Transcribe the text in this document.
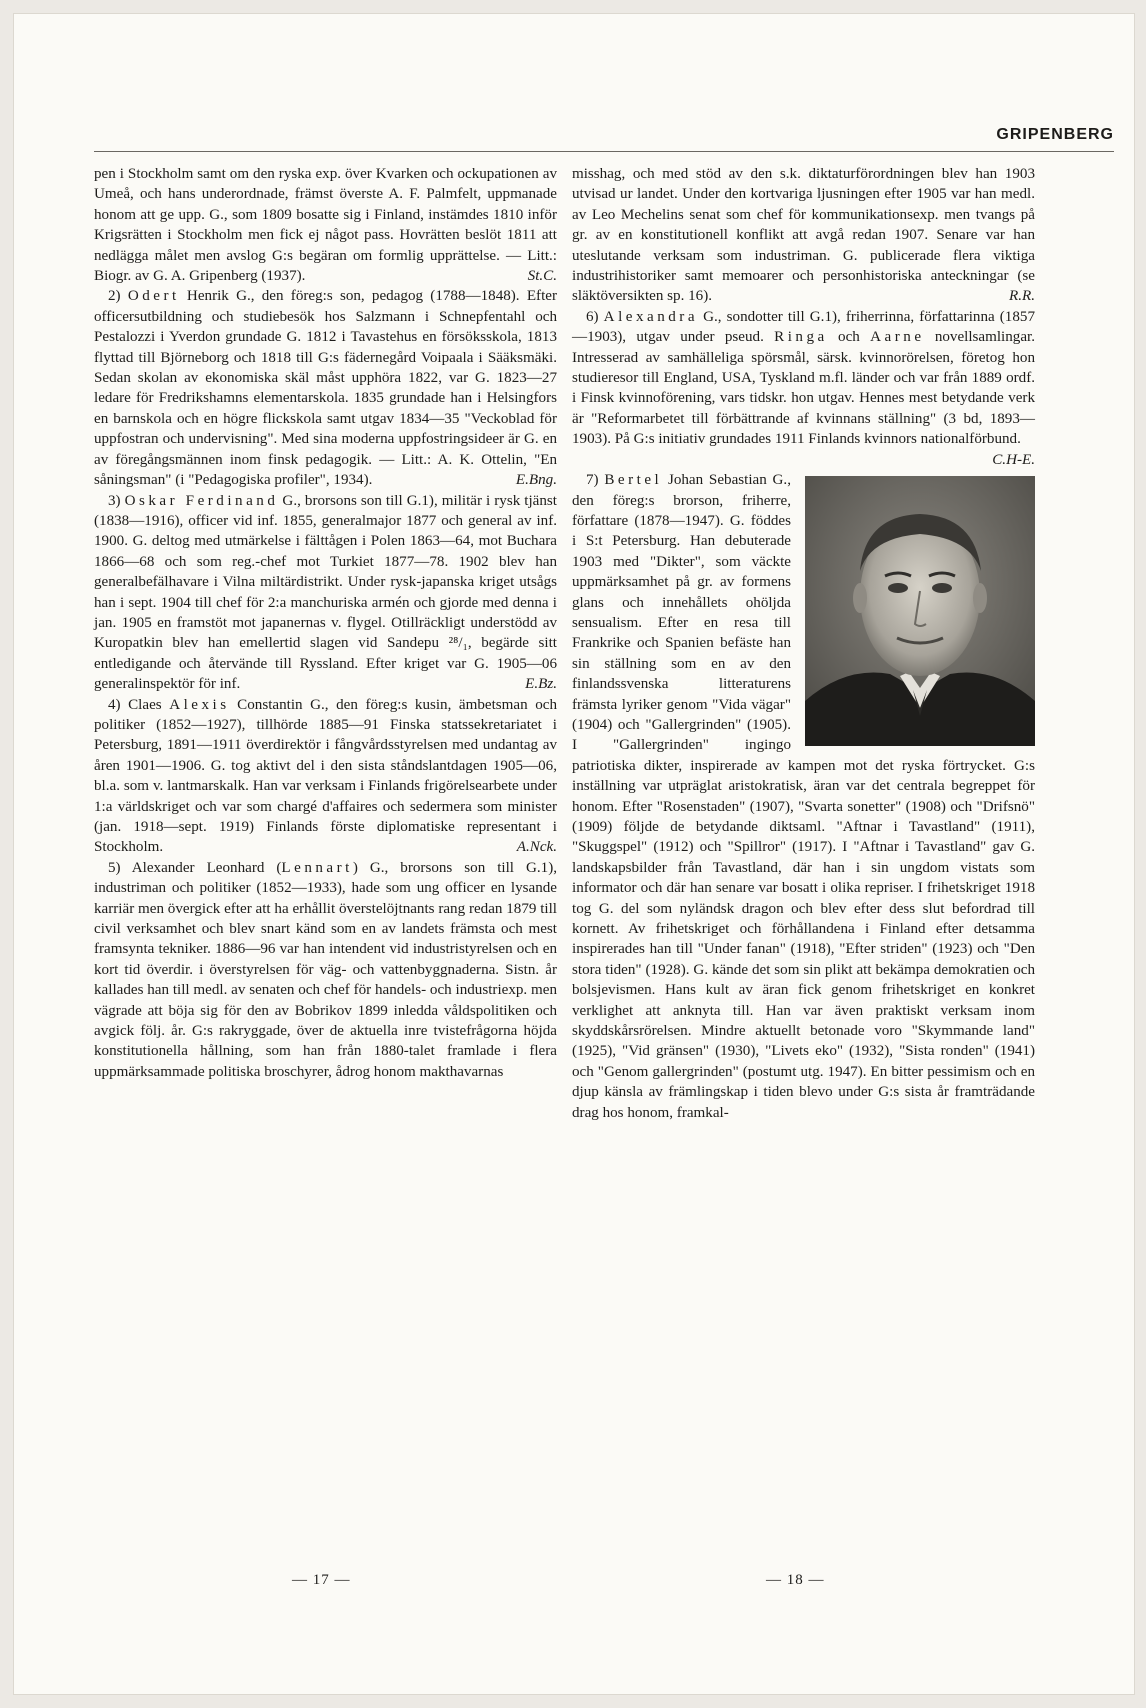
GRIPENBERG

pen i Stockholm samt om den ryska exp. över Kvarken och ockupationen av Umeå, och hans underordnade, främst överste A. F. Palmfelt, uppmanade honom att ge upp. G., som 1809 bosatte sig i Finland, instämdes 1810 inför Krigsrätten i Stockholm men fick ej något pass. Hovrätten beslöt 1811 att nedlägga målet men avslog G:s begäran om formlig upprättelse. — Litt.: Biogr. av G. A. Gripenberg (1937).	St.C.

2) Odert Henrik G., den föreg:s son, pedagog (1788—1848). Efter officersutbildning och studiebesök hos Salzmann i Schnepfentahl och Pestalozzi i Yverdon grundade G. 1812 i Tavastehus en försöksskola, 1813 flyttad till Björneborg och 1818 till G:s fädernegård Voipaala i Sääksmäki. Sedan skolan av ekonomiska skäl måst upphöra 1822, var G. 1823—27 ledare för Fredrikshamns elementarskola. 1835 grundade han i Helsingfors en barnskola och en högre flickskola samt utgav 1834—35 "Veckoblad för uppfostran och undervisning". Med sina moderna uppfostringsideer är G. en av föregångsmännen inom finsk pedagogik. — Litt.: A. K. Ottelin, "En såningsman" (i "Pedagogiska profiler", 1934).	E.Bng.

3) Oskar Ferdinand G., brorsons son till G.1), militär i rysk tjänst (1838—1916), officer vid inf. 1855, generalmajor 1877 och general av inf. 1900. G. deltog med utmärkelse i fälttågen i Polen 1863—64, mot Buchara 1866—68 och som reg.-chef mot Turkiet 1877—78. 1902 blev han generalbefälhavare i Vilna miltärdistrikt. Under rysk-japanska kriget utsågs han i sept. 1904 till chef för 2:a manchuriska armén och gjorde med denna i jan. 1905 en framstöt mot japanernas v. flygel. Otillräckligt understödd av Kuropatkin blev han emellertid slagen vid Sandepu ²⁸/₁, begärde sitt entledigande och återvände till Ryssland. Efter kriget var G. 1905—06 generalinspektör för inf.	E.Bz.

4) Claes Alexis Constantin G., den föreg:s kusin, ämbetsman och politiker (1852—1927), tillhörde 1885—91 Finska statssekretariatet i Petersburg, 1891—1911 överdirektör i fångvårdsstyrelsen med undantag av åren 1901—1906. G. tog aktivt del i den sista ståndslantdagen 1905—06, bl.a. som v. lantmarskalk. Han var verksam i Finlands frigörelsearbete under 1:a världskriget och var som chargé d'affaires och sedermera som minister (jan. 1918—sept. 1919) Finlands förste diplomatiske representant i Stockholm.	A.Nck.

5) Alexander Leonhard (Lennart) G., brorsons son till G.1), industriman och politiker (1852—1933), hade som ung officer en lysande karriär men övergick efter att ha erhållit överstelöjtnants rang redan 1879 till civil verksamhet och blev snart känd som en av landets främsta och mest framsynta tekniker. 1886—96 var han intendent vid industristyrelsen och en kort tid överdir. i överstyrelsen för väg- och vattenbyggnaderna. Sistn. år kallades han till medl. av senaten och chef för handels- och industriexp. men vägrade att böja sig för den av Bobrikov 1899 inledda våldspolitiken och avgick följ. år. G:s rakryggade, över de aktuella inre tvistefrågorna höjda konstitutionella hållning, som han från 1880-talet framlade i flera uppmärksammade politiska broschyrer, ådrog honom makthavarnas

misshag, och med stöd av den s.k. diktaturförordningen blev han 1903 utvisad ur landet. Under den kortvariga ljusningen efter 1905 var han medl. av Leo Mechelins senat som chef för kommunikationsexp. men tvangs på gr. av en konstitutionell konflikt att avgå redan 1907. Senare var han uteslutande verksam som industriman. G. publicerade flera viktiga industrihistoriker samt memoarer och personhistoriska anteckningar (se släktöversikten sp. 16).	R.R.

6) Alexandra G., sondotter till G.1), friherrinna, författarinna (1857—1903), utgav under pseud. Ringa och Aarne novellsamlingar. Intresserad av samhälleliga spörsmål, särsk. kvinnorörelsen, företog hon studieresor till England, USA, Tyskland m.fl. länder och var från 1889 ordf. i Finsk kvinnoförening, vars tidskr. hon utgav. Hennes mest betydande verk är "Reformarbetet till förbättrande af kvinnans ställning" (3 bd, 1893—1903). På G:s initiativ grundades 1911 Finlands kvinnors nationalförbund.
C.H-E.

7) Bertel Johan Sebastian G., den föreg:s brorson, friherre, författare (1878—1947). G. föddes i S:t Petersburg. Han debuterade 1903 med "Dikter", som väckte uppmärksamhet på gr. av formens glans och innehållets ohöljda sensualism. Efter en resa till Frankrike och Spanien befäste han sin ställning som en av den finlandssvenska litteraturens främsta lyriker genom "Vida vägar" (1904) och "Gallergrinden" (1905). I "Gallergrinden" ingingo patriotiska dikter, inspirerade av kampen mot det ryska förtrycket. G:s inställning var utpräglat aristokratisk, äran var det centrala begreppet för honom. Efter "Rosenstaden" (1907), "Svarta sonetter" (1908) och "Drifsnö" (1909) följde de betydande diktsaml. "Aftnar i Tavastland" (1911), "Skuggspel" (1912) och "Spillror" (1917). I "Aftnar i Tavastland" gav G. landskapsbilder från Tavastland, där han i sin ungdom vistats som informator och där han senare var bosatt i olika repriser. I frihetskriget 1918 tog G. del som nyländsk dragon och blev efter dess slut befordrad till kornett. Av frihetskriget och förhållandena i Finland efter detsamma inspirerades han till "Under fanan" (1918), "Efter striden" (1923) och "Den stora tiden" (1928). G. kände det som sin plikt att bekämpa demokratien och bolsjevismen. Hans kult av äran fick genom frihetskriget en konkret verklighet att anknyta till. Han var även praktiskt verksam inom skyddskårsrörelsen. Mindre aktuellt betonade voro "Skymmande land" (1925), "Vid gränsen" (1930), "Livets eko" (1932), "Sista ronden" (1941) och "Genom gallergrinden" (postumt utg. 1947). En bitter pessimism och en djup känsla av främlingskap i tiden blevo under G:s sista år framträdande drag hos honom, framkal-

— 17 —	— 18 —
